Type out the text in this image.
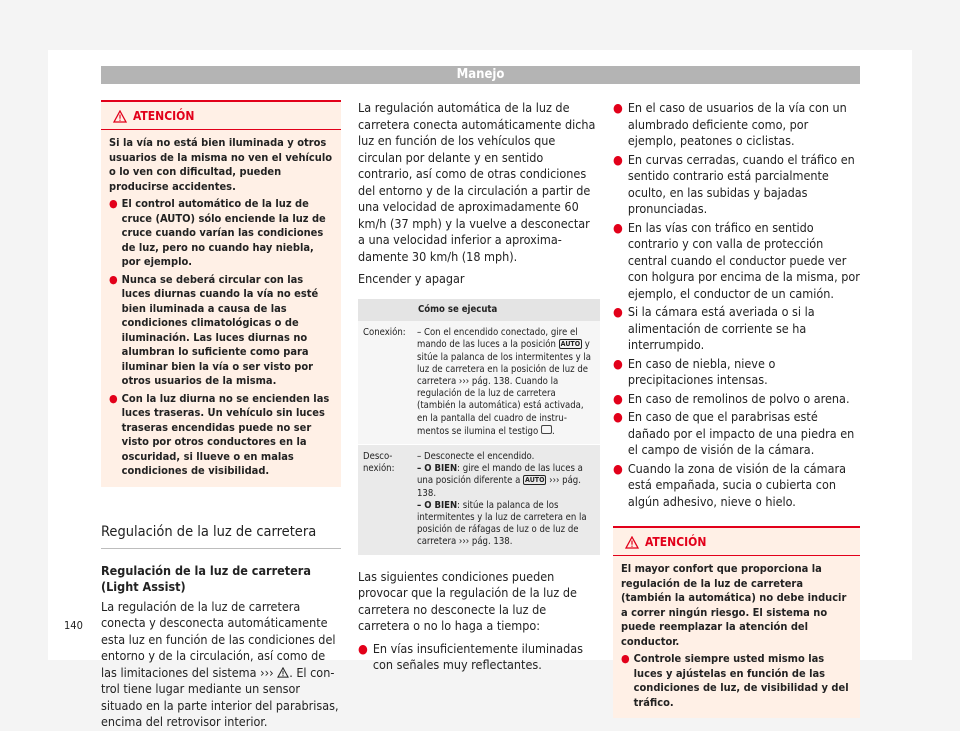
Manejo
ATENCIÓN

Si la vía no está bien iluminada y otros usuarios de la misma no ven el vehículo o lo ven con dificultad, pueden producirse accidentes.

● El control automático de la luz de cruce (AUTO) sólo enciende la luz de cruce cuando varían las condiciones de luz, pero no cuando hay niebla, por ejemplo.
● Nunca se deberá circular con las luces diurnas cuando la vía no esté bien iluminada a causa de las condiciones climatológicas o de iluminación. Las luces diurnas no alumbran lo suficiente como para iluminar bien la vía o ser visto por otros usuarios de la misma.
● Con la luz diurna no se encienden las luces traseras. Un vehículo sin luces traseras encendidas puede no ser visto por otros conductores en la oscuridad, si llueve o en malas condiciones de visibilidad.
Regulación de la luz de carretera
Regulación de la luz de carretera (Light Assist)

La regulación de la luz de carretera conecta y desconecta automáticamente esta luz en función de las condiciones del entorno y de la circulación, así como de las limitaciones del sistema ››› . El control tiene lugar mediante un sensor situado en la parte interior del parabrisas, encima del retrovisor interior.

La regulación automática de la luz de carretera conecta automáticamente dicha luz en función de los vehículos que circulan por delante y en sentido contrario, así como de otras condiciones del entorno y de la circulación a partir de una velocidad de aproximadamente 60 km/h (37 mph) y la vuelve a desconectar a una velocidad inferior a aproximadamente 30 km/h (18 mph).

Encender y apagar
	Cómo se ejecuta
Conexión:	– Con el encendido conectado, gire el mando de las luces a la posición AUTO y sitúe la palanca de los intermitentes y la luz de carretera en la posición de luz de carretera ››› pág. 138. Cuando la regulación de la luz de carretera (también la automática) está activada, en la pantalla del cuadro de instrumentos se ilumina el testigo .
Desconexión:	– Desconecte el encendido.
– O BIEN: gire el mando de las luces a una posición diferente a AUTO ››› pág. 138.
– O BIEN: sitúe la palanca de los intermitentes y la luz de carretera en la posición de ráfagas de luz o de luz de carretera ››› pág. 138.

Las siguientes condiciones pueden provocar que la regulación de la luz de carretera no desconecte la luz de carretera o no lo haga a tiempo:

● En vías insuficientemente iluminadas con señales muy reflectantes.
● En el caso de usuarios de la vía con un alumbrado deficiente como, por ejemplo, peatones o ciclistas.
● En curvas cerradas, cuando el tráfico en sentido contrario está parcialmente oculto, en las subidas y bajadas pronunciadas.
● En las vías con tráfico en sentido contrario y con valla de protección central cuando el conductor puede ver con holgura por encima de la misma, por ejemplo, el conductor de un camión.
● Si la cámara está averiada o si la alimentación de corriente se ha interrumpido.
● En caso de niebla, nieve o precipitaciones intensas.
● En caso de remolinos de polvo o arena.
● En caso de que el parabrisas esté dañado por el impacto de una piedra en el campo de visión de la cámara.
● Cuando la zona de visión de la cámara está empañada, sucia o cubierta con algún adhesivo, nieve o hielo.
ATENCIÓN

El mayor confort que proporciona la regulación de la luz de carretera (también la automática) no debe inducir a correr ningún riesgo. El sistema no puede reemplazar la atención del conductor.

● Controle siempre usted mismo las luces y ajústelas en función de las condiciones de luz, de visibilidad y del tráfico.
140
